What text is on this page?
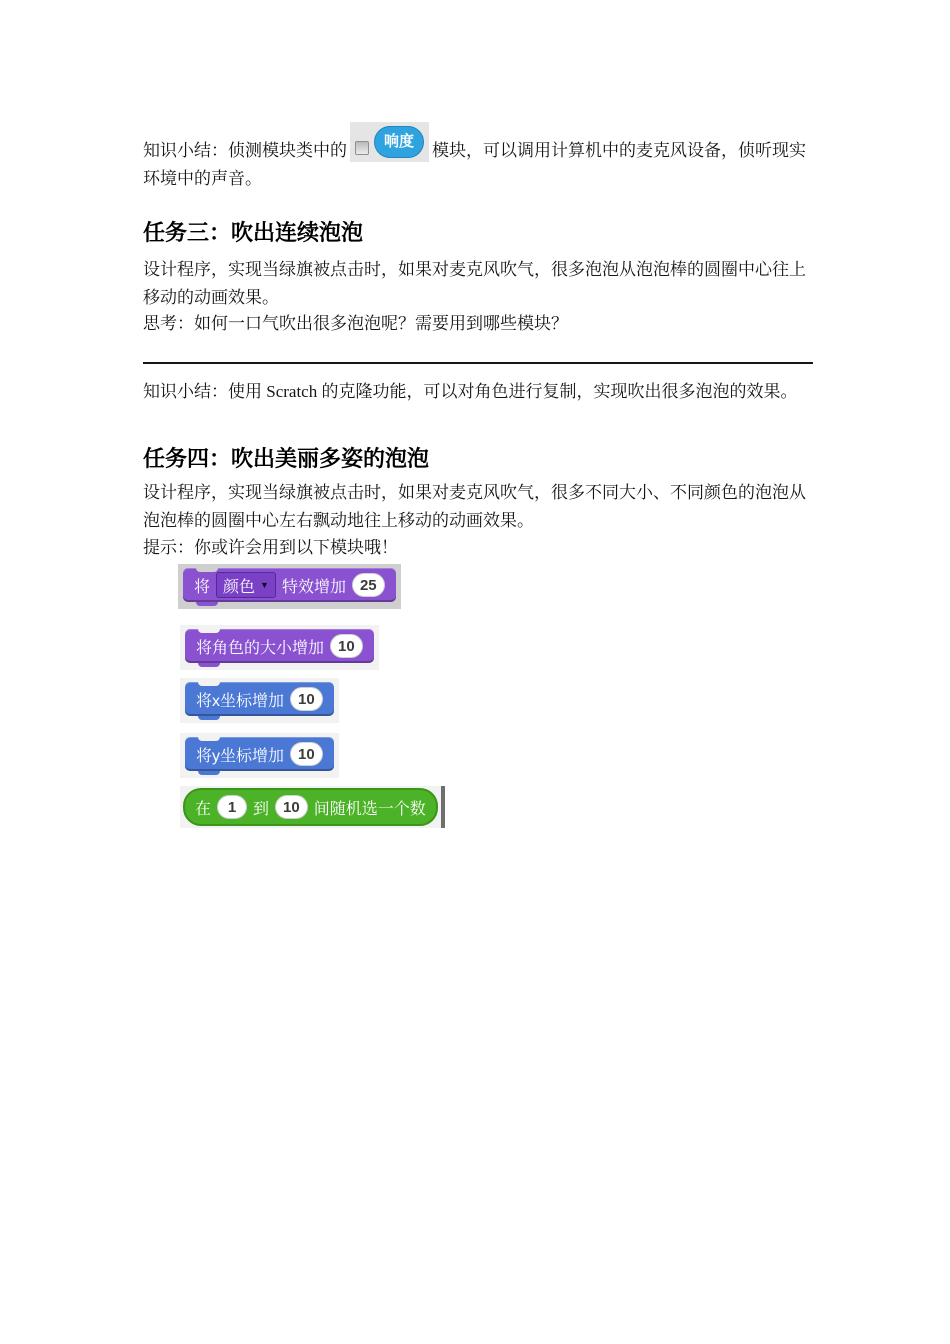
知识小结：侦测模块类中的	响度	模块，可以调用计算机中的麦克风设备，侦听现实环境中的声音。

任务三：吹出连续泡泡

设计程序，实现当绿旗被点击时，如果对麦克风吹气，很多泡泡从泡泡棒的圆圈中心往上移动的动画效果。

思考：如何一口气吹出很多泡泡呢？需要用到哪些模块？

知识小结：使用 Scratch 的克隆功能，可以对角色进行复制，实现吹出很多泡泡的效果。

任务四：吹出美丽多姿的泡泡

设计程序，实现当绿旗被点击时，如果对麦克风吹气，很多不同大小、不同颜色的泡泡从泡泡棒的圆圈中心左右飘动地往上移动的动画效果。

提示：你或许会用到以下模块哦！

将 颜色 ▼ 特效增加 25
将角色的大小增加 10
将x坐标增加 10
将y坐标增加 10
在	1	到 10 间随机选一个数
